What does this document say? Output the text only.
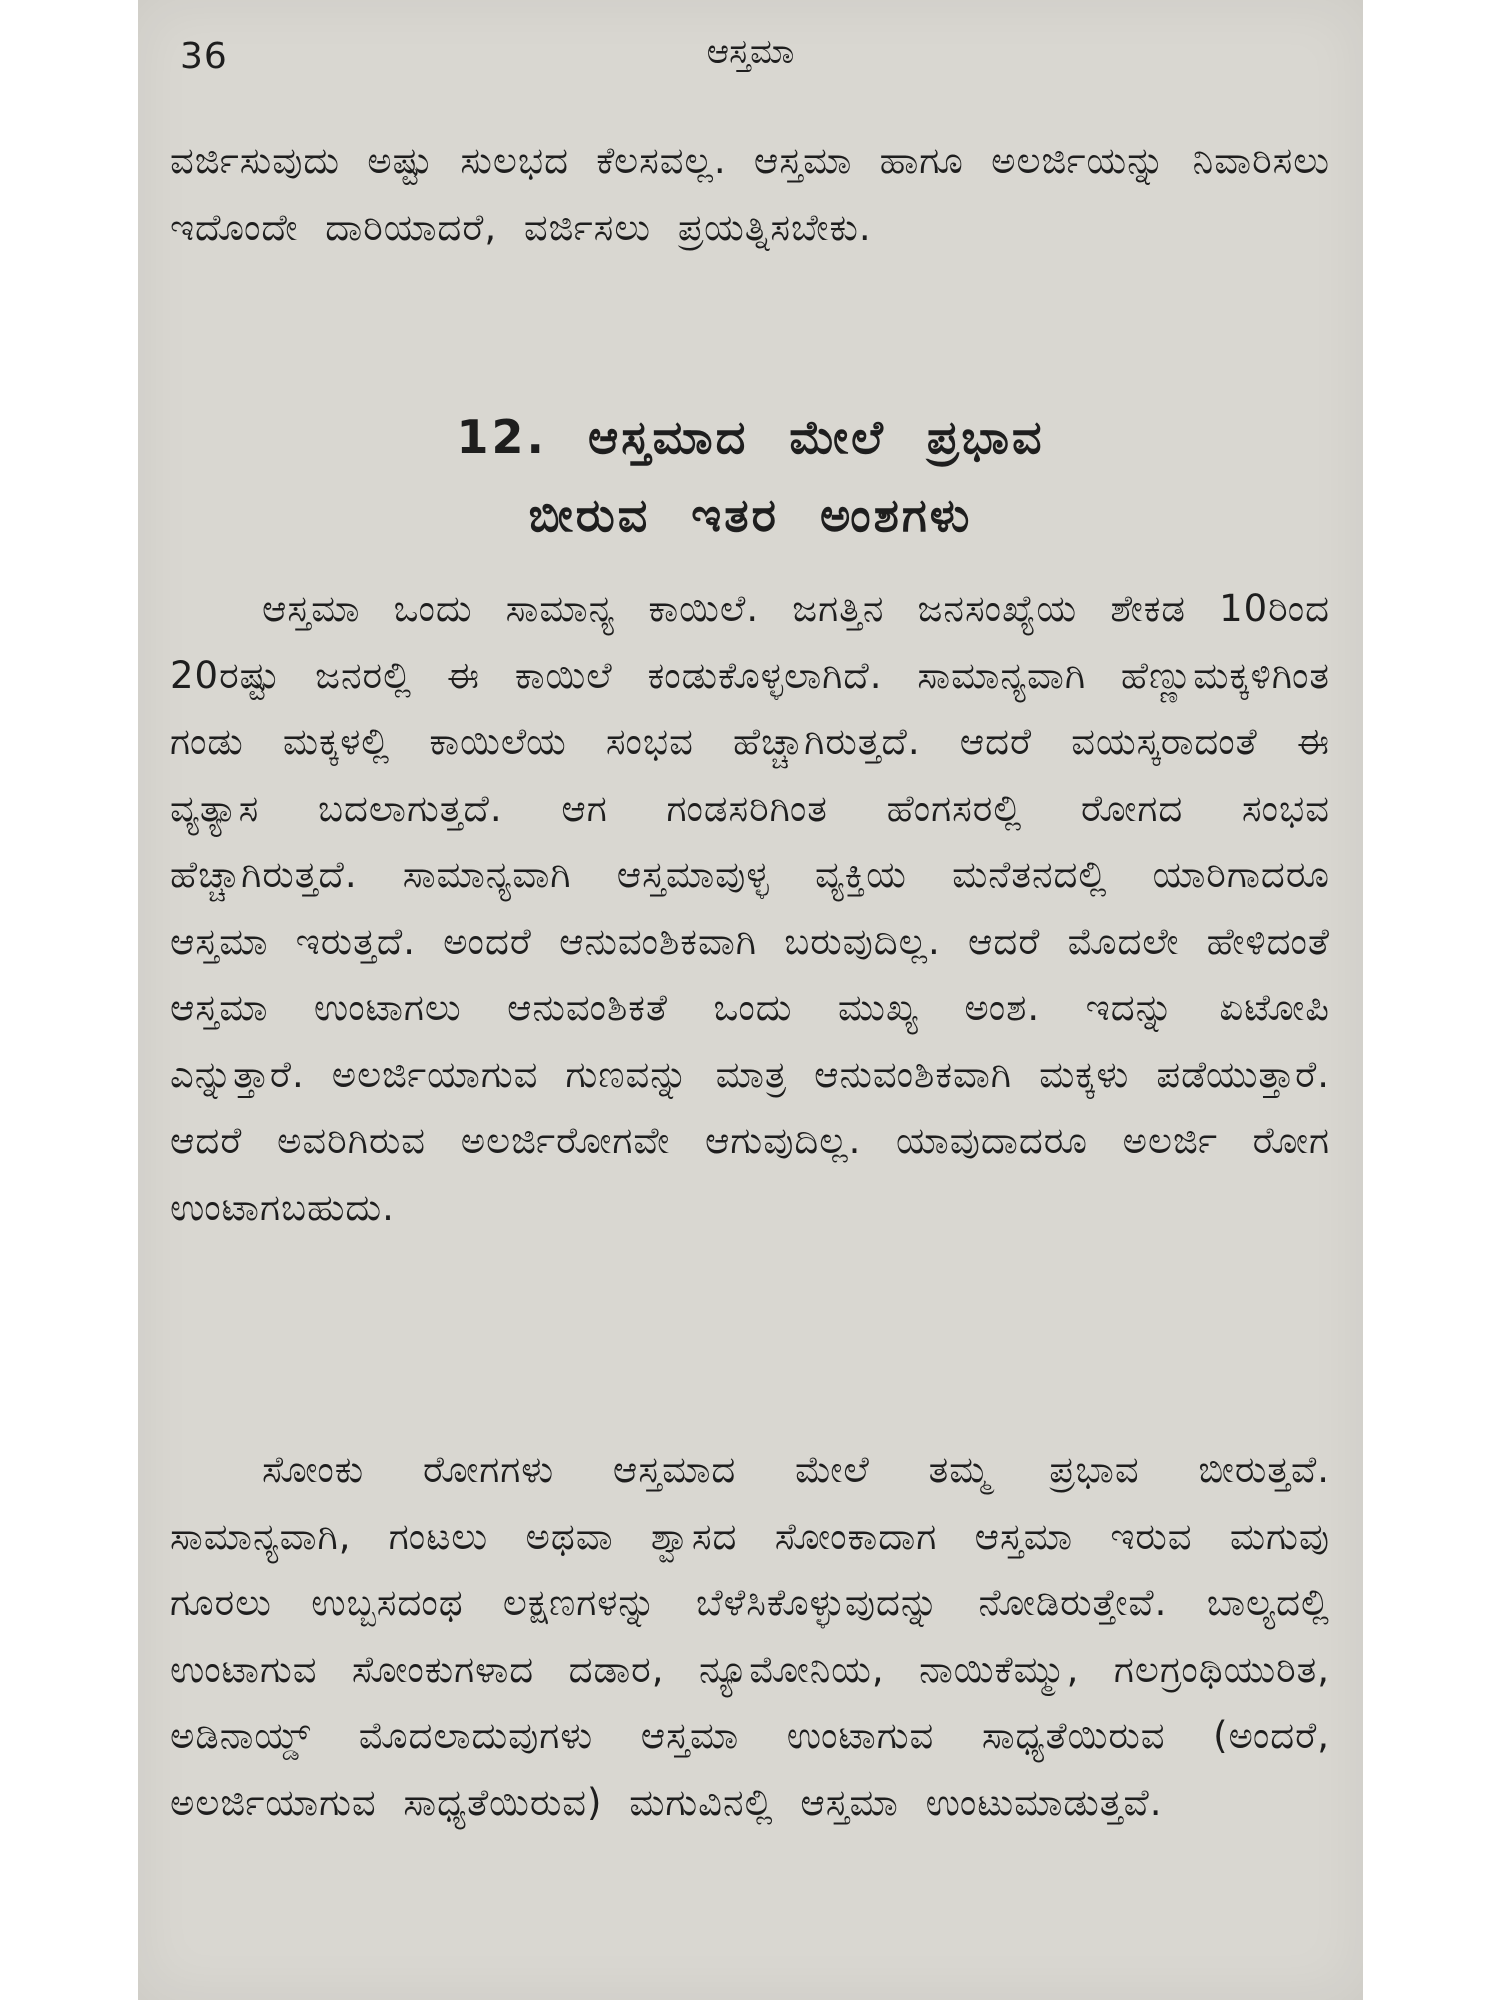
36	ಆಸ್ತಮಾ

ವರ್ಜಿಸುವುದು ಅಷ್ಟು ಸುಲಭದ ಕೆಲಸವಲ್ಲ. ಆಸ್ತಮಾ ಹಾಗೂ ಅಲರ್ಜಿಯನ್ನು ನಿವಾರಿಸಲು ಇದೊಂದೇ ದಾರಿಯಾದರೆ, ವರ್ಜಿಸಲು ಪ್ರಯತ್ನಿಸಬೇಕು.

12. ಆಸ್ತಮಾದ ಮೇಲೆ ಪ್ರಭಾವ
ಬೀರುವ ಇತರ ಅಂಶಗಳು

ಆಸ್ತಮಾ ಒಂದು ಸಾಮಾನ್ಯ ಕಾಯಿಲೆ. ಜಗತ್ತಿನ ಜನಸಂಖ್ಯೆಯ ಶೇಕಡ 10ರಿಂದ 20ರಷ್ಟು ಜನರಲ್ಲಿ ಈ ಕಾಯಿಲೆ ಕಂಡುಕೊಳ್ಳಲಾಗಿದೆ. ಸಾಮಾನ್ಯವಾಗಿ ಹೆಣ್ಣುಮಕ್ಕಳಿಗಿಂತ ಗಂಡು ಮಕ್ಕಳಲ್ಲಿ ಕಾಯಿಲೆಯ ಸಂಭವ ಹೆಚ್ಚಾಗಿರುತ್ತದೆ. ಆದರೆ ವಯಸ್ಕರಾದಂತೆ ಈ ವ್ಯತ್ಯಾಸ ಬದಲಾಗುತ್ತದೆ. ಆಗ ಗಂಡಸರಿಗಿಂತ ಹೆಂಗಸರಲ್ಲಿ ರೋಗದ ಸಂಭವ ಹೆಚ್ಚಾಗಿರುತ್ತದೆ. ಸಾಮಾನ್ಯವಾಗಿ ಆಸ್ತಮಾವುಳ್ಳ ವ್ಯಕ್ತಿಯ ಮನೆತನದಲ್ಲಿ ಯಾರಿಗಾದರೂ ಆಸ್ತಮಾ ಇರುತ್ತದೆ. ಅಂದರೆ ಆನುವಂಶಿಕವಾಗಿ ಬರುವುದಿಲ್ಲ. ಆದರೆ ಮೊದಲೇ ಹೇಳಿದಂತೆ ಆಸ್ತಮಾ ಉಂಟಾಗಲು ಆನುವಂಶಿಕತೆ ಒಂದು ಮುಖ್ಯ ಅಂಶ. ಇದನ್ನು ಏಟೋಪಿ ಎನ್ನುತ್ತಾರೆ. ಅಲರ್ಜಿಯಾಗುವ ಗುಣವನ್ನು ಮಾತ್ರ ಆನುವಂಶಿಕವಾಗಿ ಮಕ್ಕಳು ಪಡೆಯುತ್ತಾರೆ. ಆದರೆ ಅವರಿಗಿರುವ ಅಲರ್ಜಿರೋಗವೇ ಆಗುವುದಿಲ್ಲ. ಯಾವುದಾದರೂ ಅಲರ್ಜಿ ರೋಗ ಉಂಟಾಗಬಹುದು.

ಸೋಂಕು ರೋಗಗಳು ಆಸ್ತಮಾದ ಮೇಲೆ ತಮ್ಮ ಪ್ರಭಾವ ಬೀರುತ್ತವೆ. ಸಾಮಾನ್ಯವಾಗಿ, ಗಂಟಲು ಅಥವಾ ಶ್ವಾಸದ ಸೋಂಕಾದಾಗ ಆಸ್ತಮಾ ಇರುವ ಮಗುವು ಗೂರಲು ಉಬ್ಬಸದಂಥ ಲಕ್ಷಣಗಳನ್ನು ಬೆಳೆಸಿಕೊಳ್ಳುವುದನ್ನು ನೋಡಿರುತ್ತೇವೆ. ಬಾಲ್ಯದಲ್ಲಿ ಉಂಟಾಗುವ ಸೋಂಕುಗಳಾದ ದಡಾರ, ನ್ಯೂಮೋನಿಯ, ನಾಯಿಕೆಮ್ಮು, ಗಲಗ್ರಂಥಿಯುರಿತ, ಅಡಿನಾಯ್ಡ್ ಮೊದಲಾದುವುಗಳು ಆಸ್ತಮಾ ಉಂಟಾಗುವ ಸಾಧ್ಯತೆಯಿರುವ (ಅಂದರೆ, ಅಲರ್ಜಿಯಾಗುವ ಸಾಧ್ಯತೆಯಿರುವ) ಮಗುವಿನಲ್ಲಿ ಆಸ್ತಮಾ ಉಂಟುಮಾಡುತ್ತವೆ.
